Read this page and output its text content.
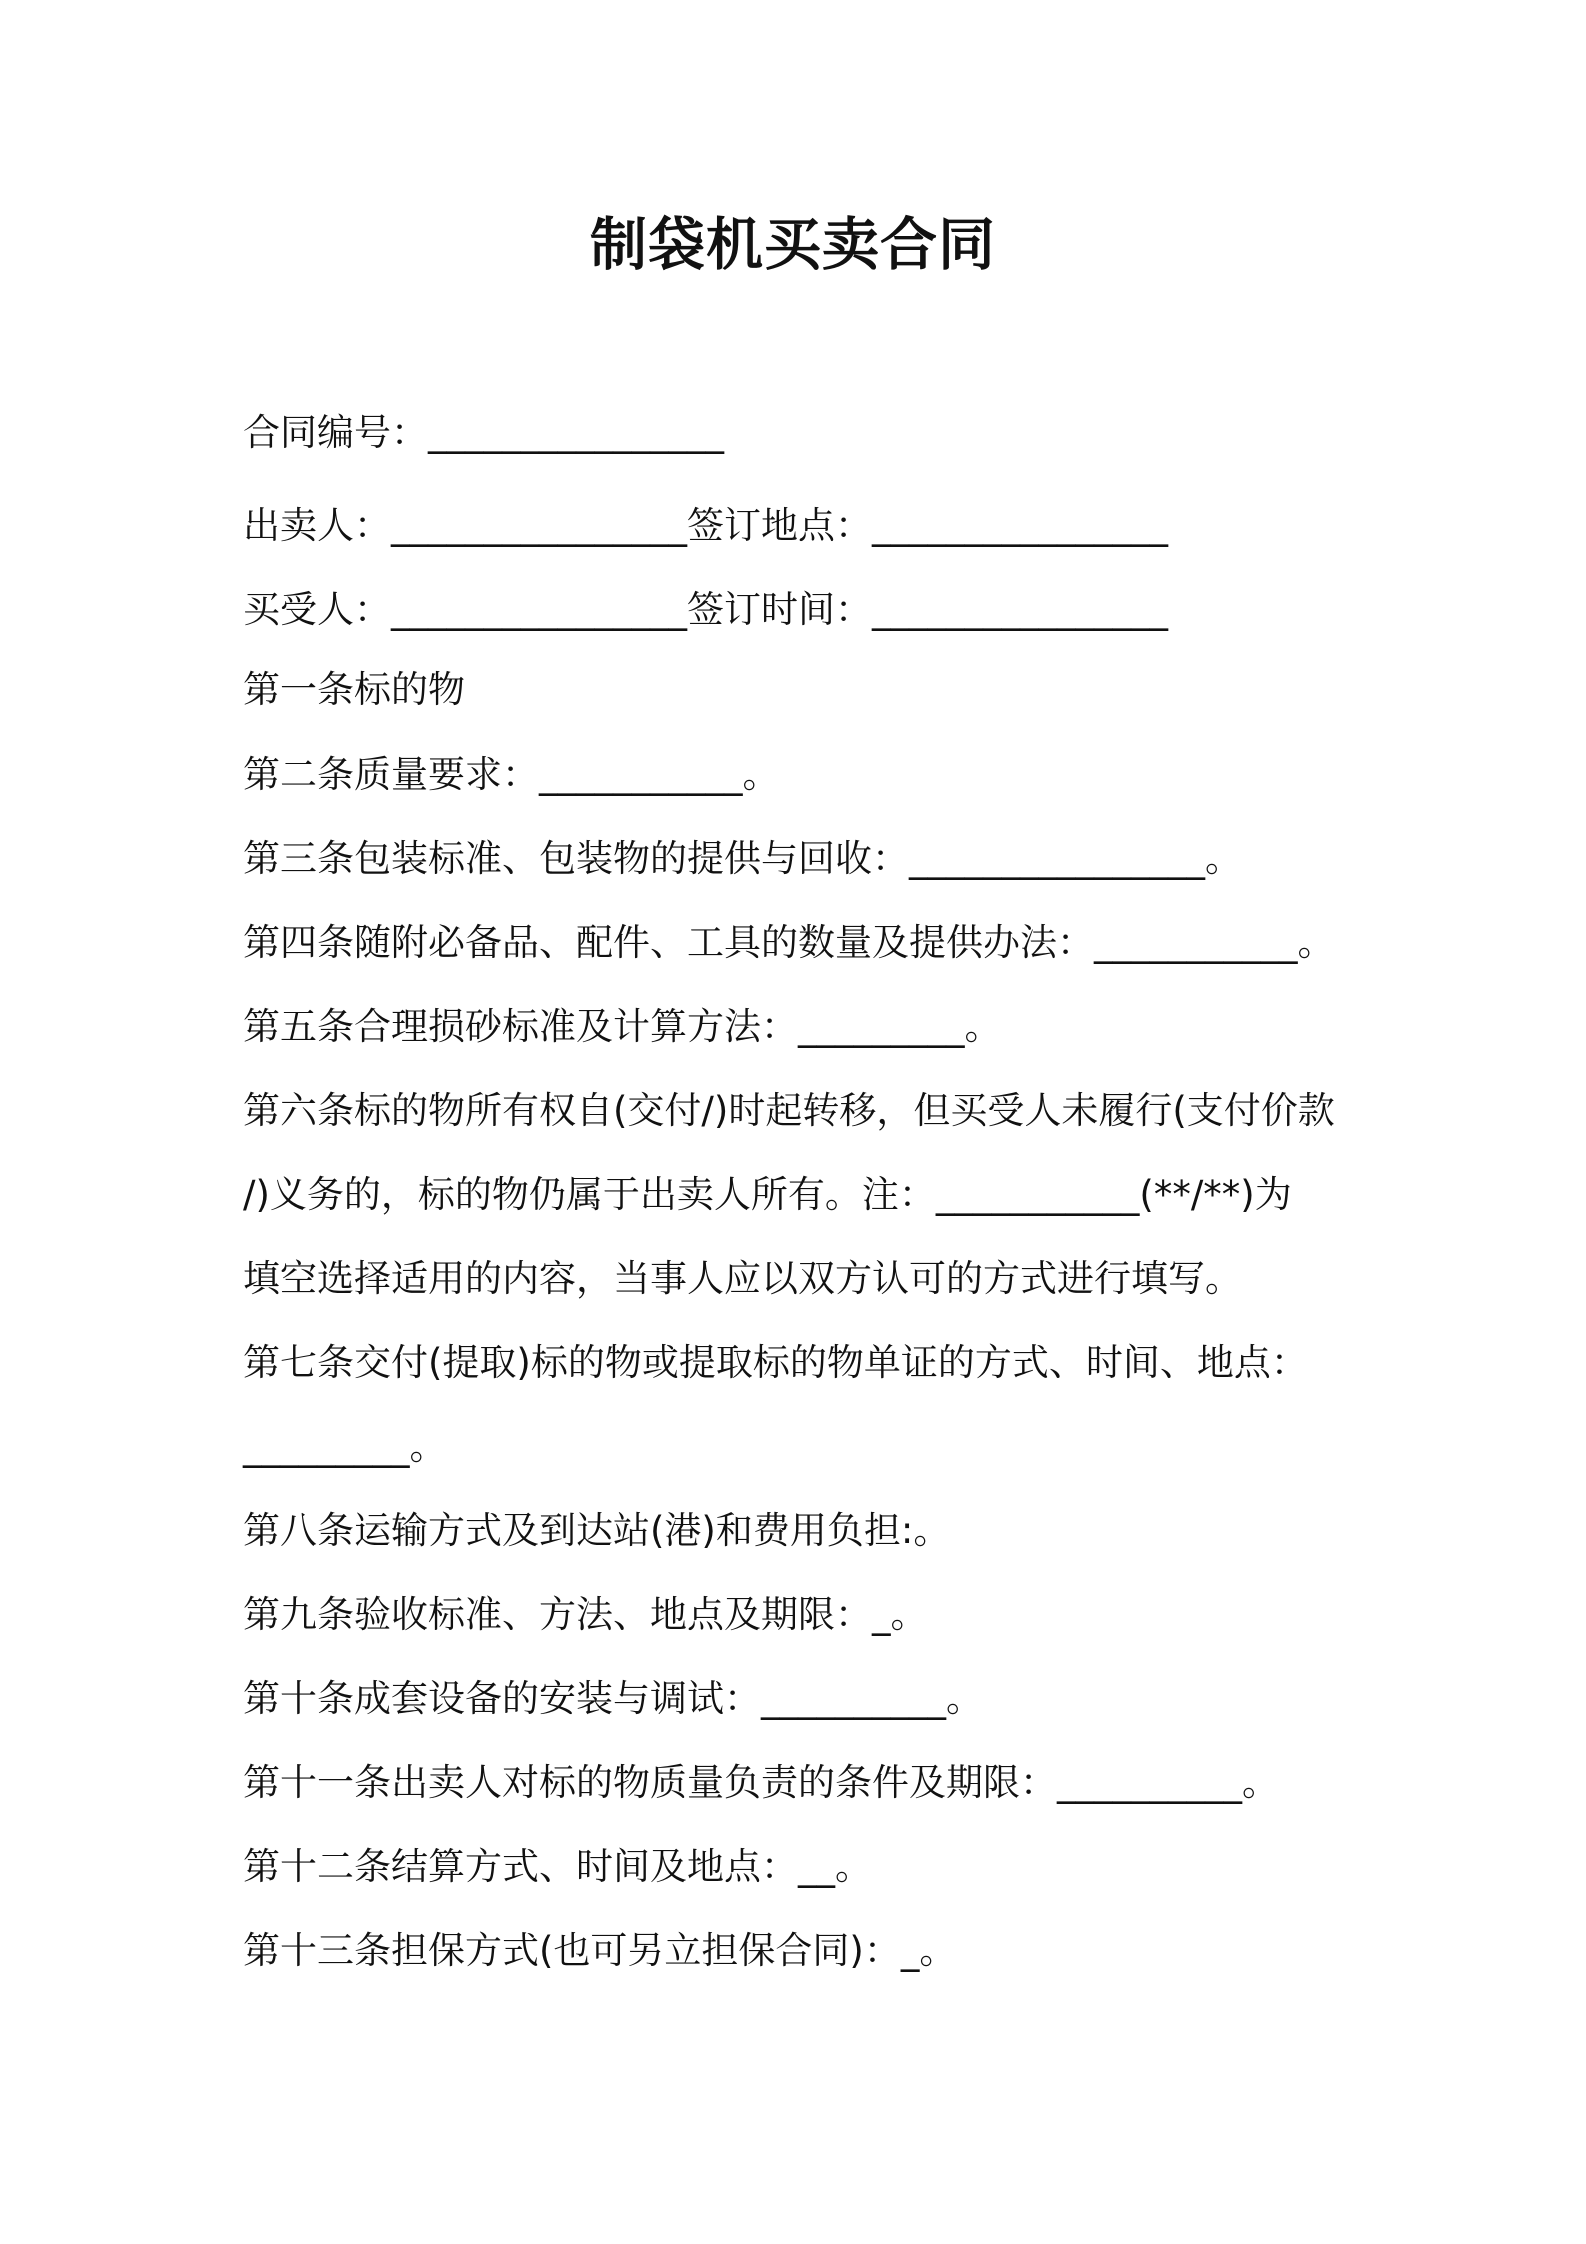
制袋机买卖合同
合同编号：________________
出卖人：________________签订地点：________________
买受人：________________签订时间：________________
第一条标的物
第二条质量要求：___________。
第三条包装标准、包装物的提供与回收：________________。
第四条随附必备品、配件、工具的数量及提供办法：___________。
第五条合理损砂标准及计算方法：_________。
第六条标的物所有权自(交付/)时起转移，但买受人未履行(支付价款
/)义务的，标的物仍属于出卖人所有。注：___________(**/**)为
填空选择适用的内容，当事人应以双方认可的方式进行填写。
第七条交付(提取)标的物或提取标的物单证的方式、时间、地点：
_________。
第八条运输方式及到达站(港)和费用负担:。
第九条验收标准、方法、地点及期限：_。
第十条成套设备的安装与调试：__________。
第十一条出卖人对标的物质量负责的条件及期限：__________。
第十二条结算方式、时间及地点：__。
第十三条担保方式(也可另立担保合同)：_。
